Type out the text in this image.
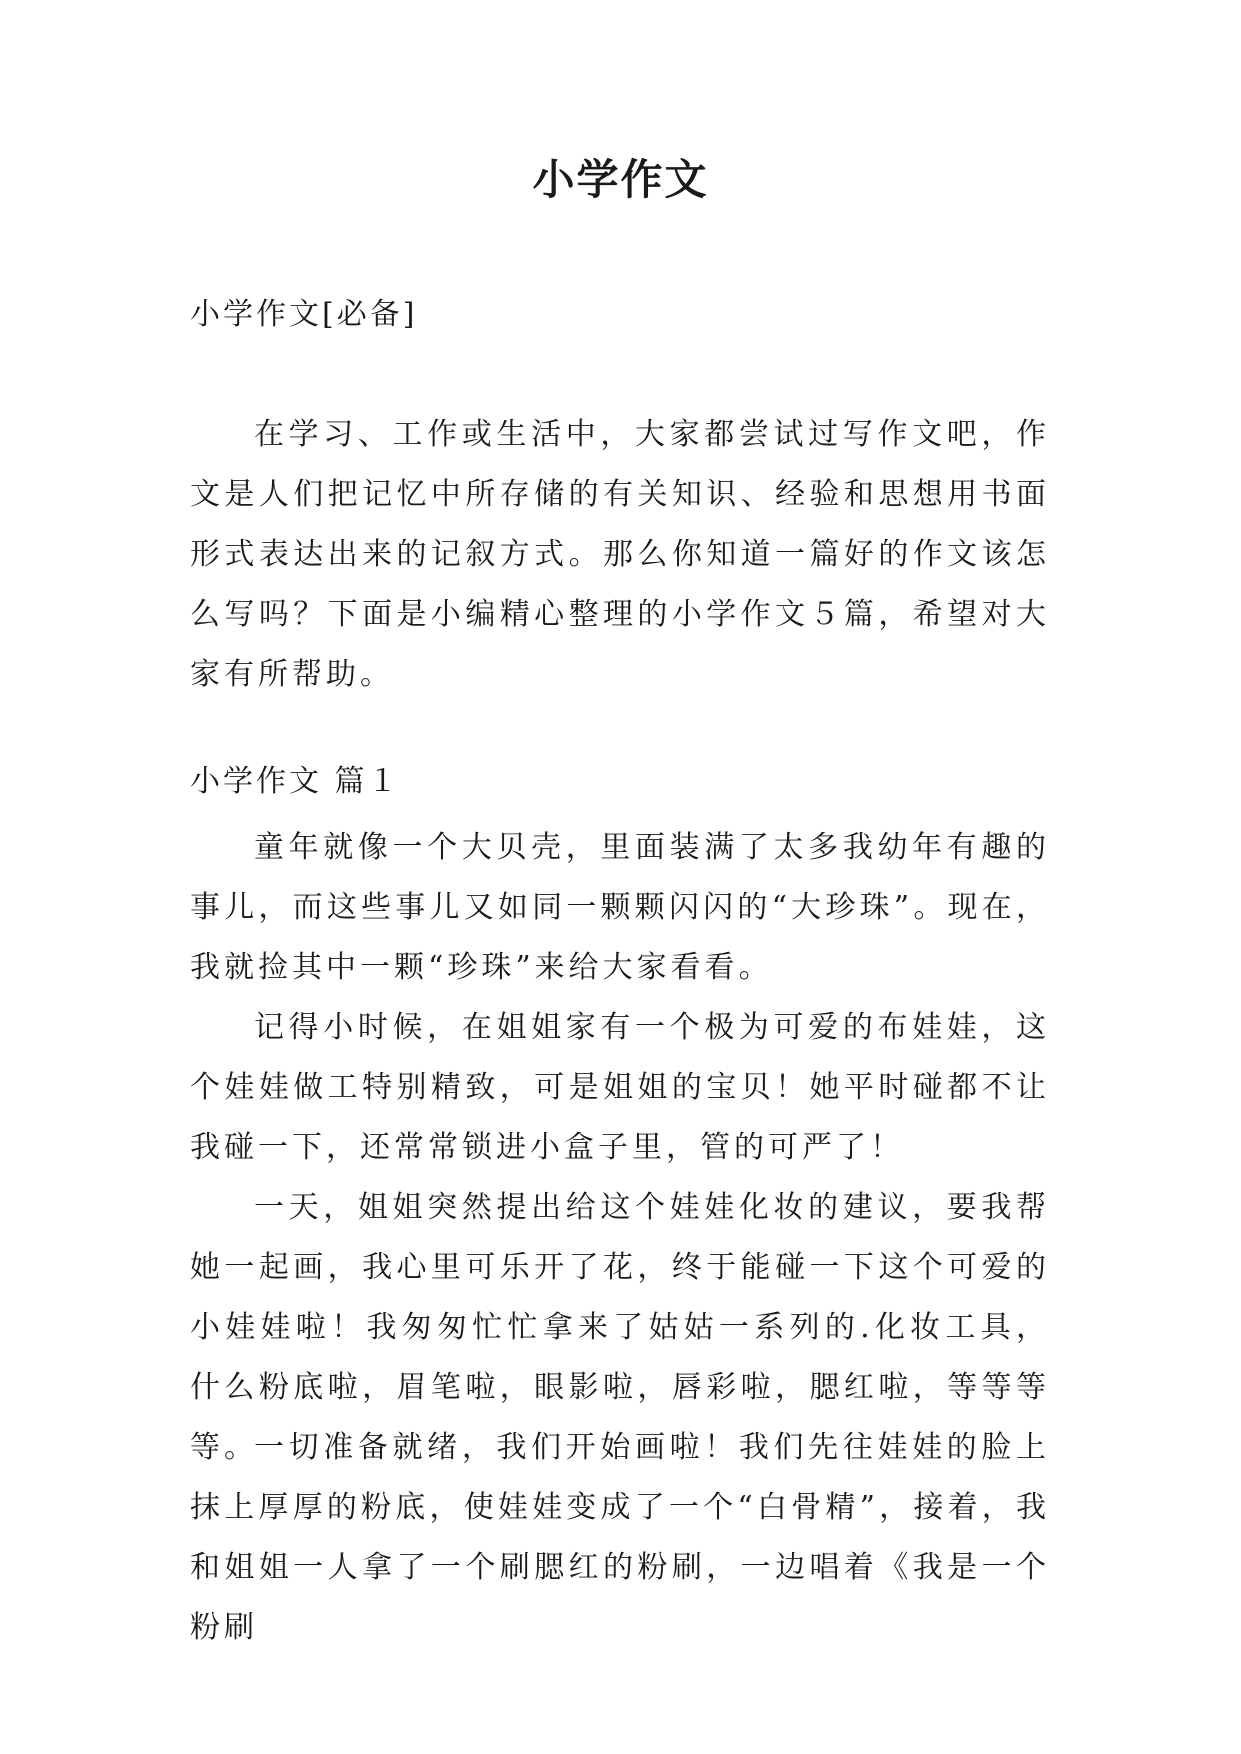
小学作文
小学作文[必备]

在学习、工作或生活中，大家都尝试过写作文吧，作文是人们把记忆中所存储的有关知识、经验和思想用书面形式表达出来的记叙方式。那么你知道一篇好的作文该怎么写吗？下面是小编精心整理的小学作文５篇，希望对大家有所帮助。

小学作文 篇１

童年就像一个大贝壳，里面装满了太多我幼年有趣的事儿，而这些事儿又如同一颗颗闪闪的“大珍珠”。现在，我就捡其中一颗“珍珠”来给大家看看。

记得小时候，在姐姐家有一个极为可爱的布娃娃，这个娃娃做工特别精致，可是姐姐的宝贝！她平时碰都不让我碰一下，还常常锁进小盒子里，管的可严了！

一天，姐姐突然提出给这个娃娃化妆的建议，要我帮她一起画，我心里可乐开了花，终于能碰一下这个可爱的小娃娃啦！我匆匆忙忙拿来了姑姑一系列的.化妆工具，什么粉底啦，眉笔啦，眼影啦，唇彩啦，腮红啦，等等等等。

一切准备就绪，我们开始画啦！我们先往娃娃的脸上抹上厚厚的粉底，使娃娃变成了一个“白骨精”，接着，我和姐姐一人拿了一个刷腮红的粉刷，一边唱着《我是一个粉刷
